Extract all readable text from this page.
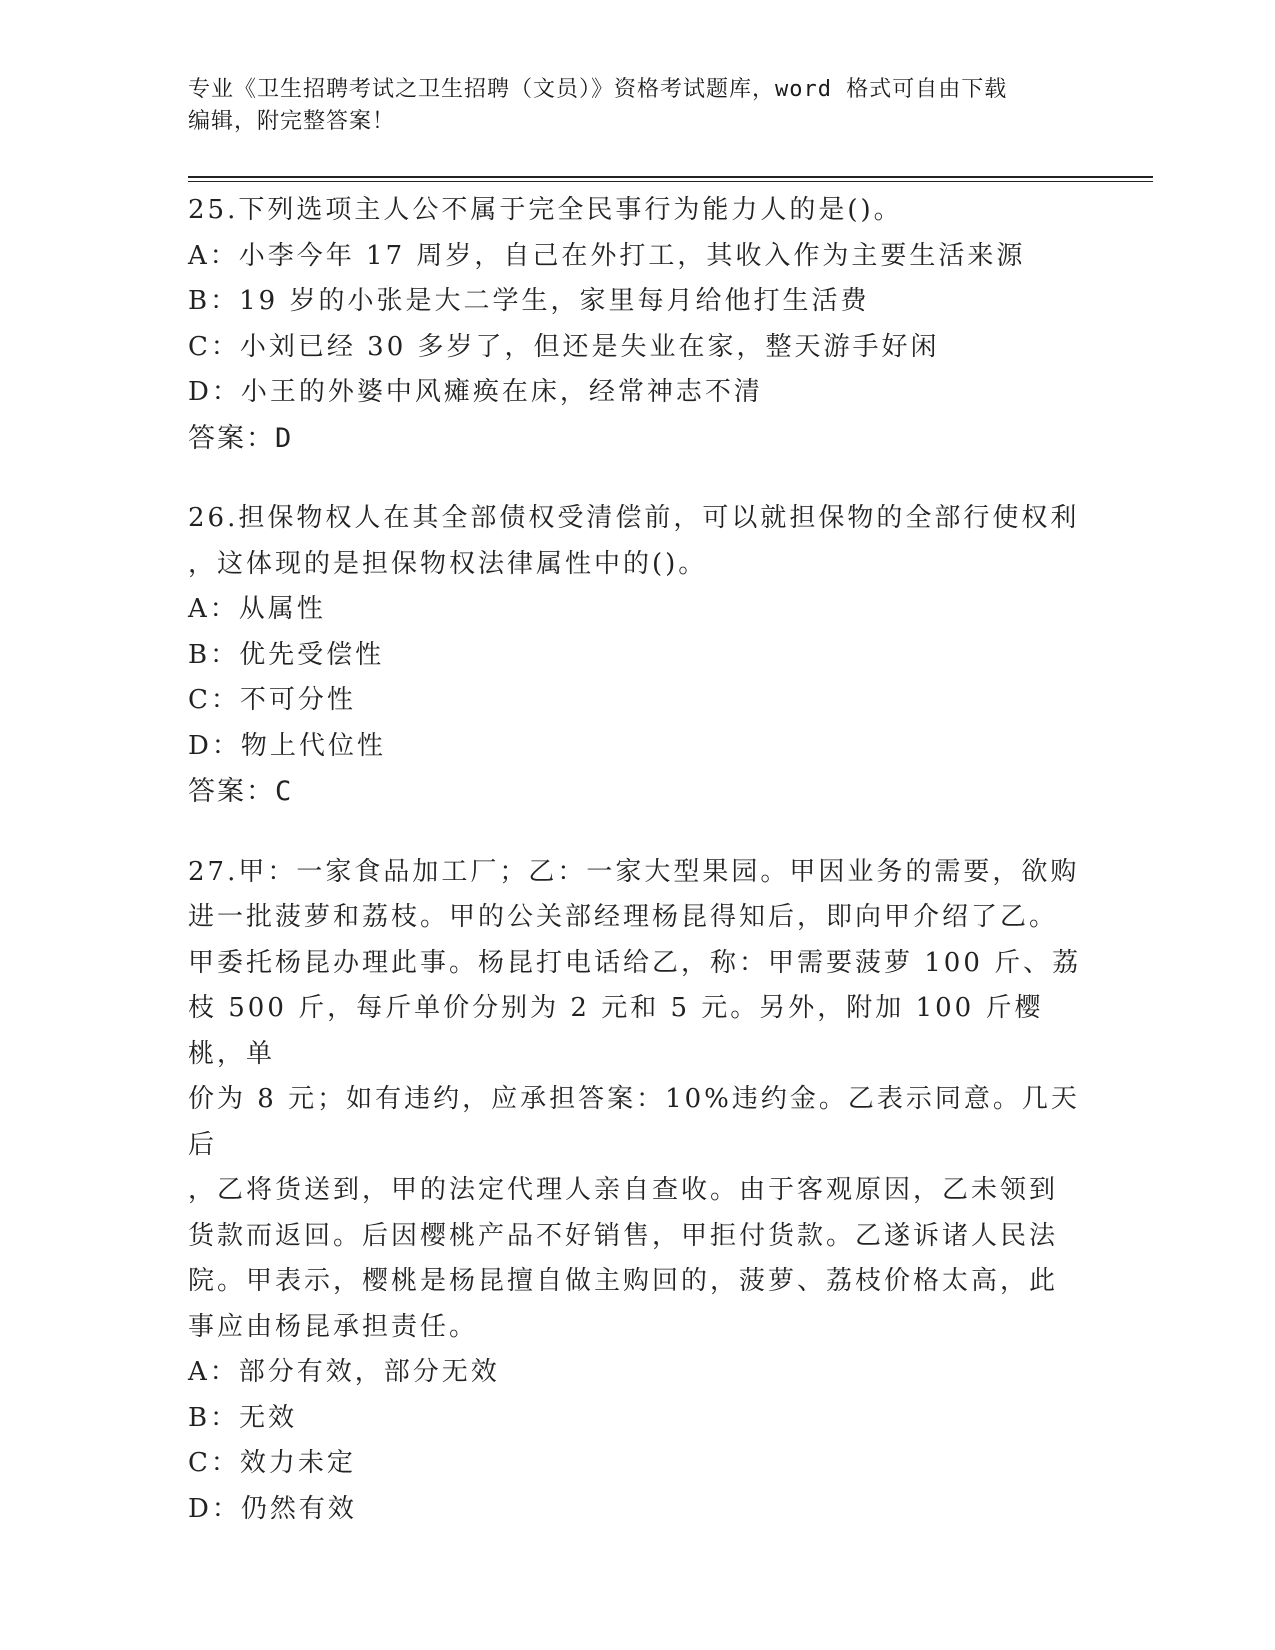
专业《卫生招聘考试之卫生招聘（文员）》资格考试题库，word 格式可自由下载
编辑，附完整答案！

25.下列选项主人公不属于完全民事行为能力人的是()。

A：小李今年 17 周岁，自己在外打工，其收入作为主要生活来源

B：19 岁的小张是大二学生，家里每月给他打生活费

C：小刘已经 30 多岁了，但还是失业在家，整天游手好闲

D：小王的外婆中风瘫痪在床，经常神志不清

答案：D

26.担保物权人在其全部债权受清偿前，可以就担保物的全部行使权利

，这体现的是担保物权法律属性中的()。

A：从属性

B：优先受偿性

C：不可分性

D：物上代位性

答案：C

27.甲：一家食品加工厂；乙：一家大型果园。甲因业务的需要，欲购

进一批菠萝和荔枝。甲的公关部经理杨昆得知后，即向甲介绍了乙。

甲委托杨昆办理此事。杨昆打电话给乙，称：甲需要菠萝 100 斤、荔

枝 500 斤，每斤单价分别为 2 元和 5 元。另外，附加 100 斤樱桃，单

价为 8 元；如有违约，应承担答案：10%违约金。乙表示同意。几天后

，乙将货送到，甲的法定代理人亲自查收。由于客观原因，乙未领到

货款而返回。后因樱桃产品不好销售，甲拒付货款。乙遂诉诸人民法

院。甲表示，樱桃是杨昆擅自做主购回的，菠萝、荔枝价格太高，此

事应由杨昆承担责任。

A：部分有效，部分无效

B：无效

C：效力未定

D：仍然有效
